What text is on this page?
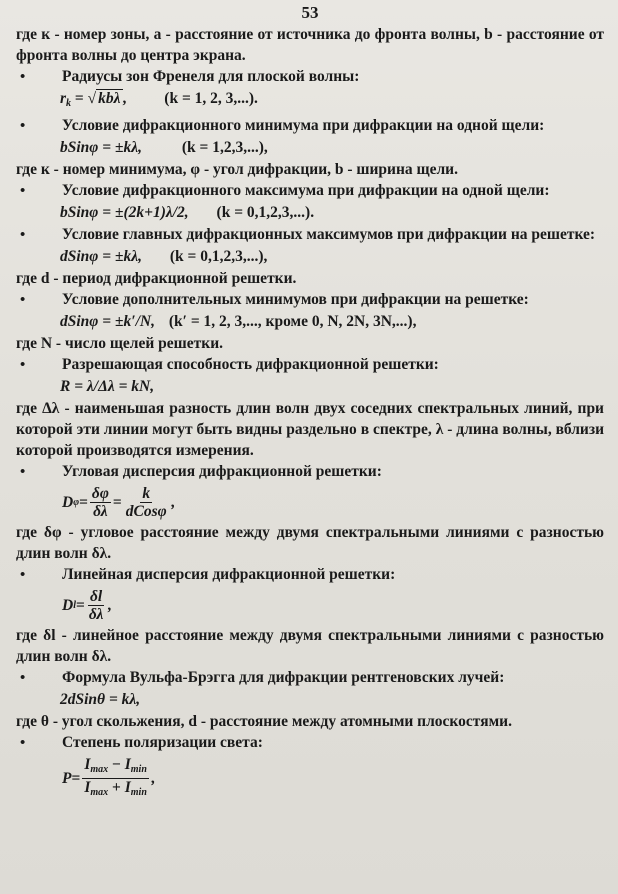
53

где к - номер зоны, а - расстояние от источника до фронта волны, b - расстояние от фронта волны до центра экрана.

•	Радиусы зон Френеля для плоской волны:

$r_k$ = √ kbλ , (k = 1, 2, 3,...).

•	Условие дифракционного минимума при дифракции на одной щели:

bSinφ = ±kλ,	(k = 1,2,3,...),

где к - номер минимума, φ - угол дифракции, b - ширина щели.

•	Условие дифракционного максимума при дифракции на одной щели:

bSinφ = ±(2k+1)λ/2, (k = 0,1,2,3,...).

•	Условие главных дифракционных максимумов при дифракции на решетке:

dSinφ = ±kλ, (k = 0,1,2,3,...),

где d - период дифракционной решетки.

•	Условие дополнительных минимумов при дифракции на решетке:

dSinφ = ±k′/N, (k′ = 1, 2, 3,..., кроме 0, N, 2N, 3N,...),

где N - число щелей решетки.

•	Разрешающая способность дифракционной решетки:

R = λ/Δλ = kN,

где Δλ - наименьшая разность длин волн двух соседних спектральных линий, при которой эти линии могут быть видны раздельно в спектре, λ - длина волны, вблизи которой производятся измерения.

•	Угловая дисперсия дифракционной решетки:
D $\varphi = \frac{\delta\varphi}{\delta\lambda} = \frac{k}{\text{dCosφ}}$ ,

где δφ - угловое расстояние между двумя спектральными линиями с разностью длин волн δλ.

•	Линейная дисперсия дифракционной решетки:
D $l = \frac{\delta l}{\delta\lambda}$ ,

где δl - линейное расстояние между двумя спектральными линиями с разностью длин волн δλ.

•	Формула Вульфа-Брэгга для дифракции рентгеновских лучей:

2dSinθ = kλ,

где θ - угол скольжения, d - расстояние между атомными плоскостями.

•	Степень поляризации света:
$P = \frac{I_{max} - I_{min}}{I_{max} + I_{min}}$ ,
